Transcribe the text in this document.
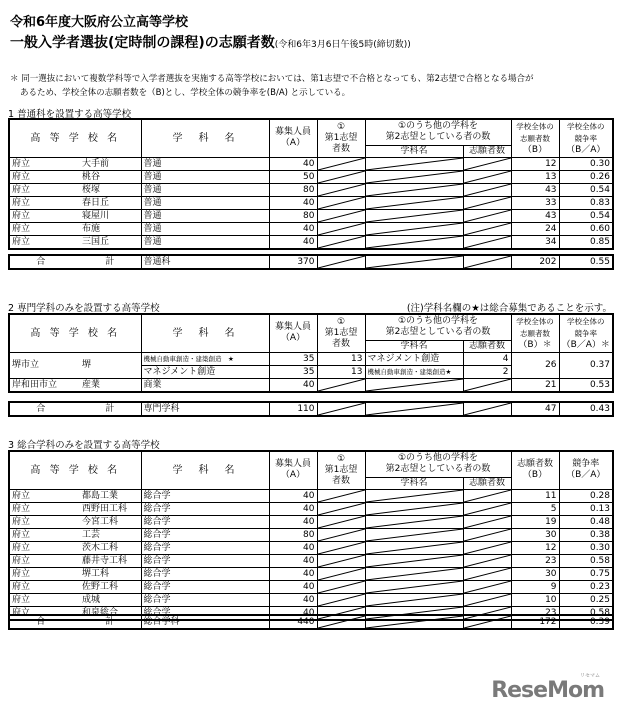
令和6年度大阪府公立高等学校
一般入学者選抜(定時制の課程)の志願者数(令和6年3月6日午後5時(締切数))
＊ 同一選抜において複数学科等で入学者選抜を実施する高等学校においては、第1志望で不合格となっても、第2志望で合格となる場合が
あるため、学校全体の志願者数を（B)とし、学校全体の競争率を(B/A) と示している。
1 普通科を設置する高等学校
高 等 学 校 名	学　科　名	募集人員
（A）	①
第1志望
者数	①のうち他の学科を
第2志望としている者の数		学校全体の
志願者数
（B）	学校全体の
競争率
（B／A）
				学科名	志願者数		
府立 大手前	普通	40				12	0.30
府立 桃谷	普通	50				13	0.26
府立 桜塚	普通	80				43	0.54
府立 春日丘	普通	40				33	0.83
府立 寝屋川	普通	80				43	0.54
府立 布施	普通	40				24	0.60
府立 三国丘	普通	40				34	0.85
合	計	普通科	370				202	0.55
2 専門学科のみを設置する高等学校	(注)学科名欄の★は総合募集であることを示す。
高 等 学 校 名	学　科　名	募集人員
（A）	①
第1志望
者数	①のうち他の学科を
第2志望としている者の数		学校全体の
志願者数
（B）＊	学校全体の
競争率
（B／A）＊
				学科名	志願者数		
堺市立 堺	機械自動車創造・建築創造　★	35	13	マネジメント創造	4	26	0.37
	マネジメント創造	35	13	機械自動車創造・建築創造★	2		
岸和田市立 産業	商業	40				21	0.53
合	計	専門学科	110				47	0.43
3 総合学科のみを設置する高等学校
高 等 学 校 名	学　科　名	募集人員
（A）	①
第1志望
者数	①のうち他の学科を
第2志望としている者の数		志願者数
（B）	競争率
（B／A）
				学科名	志願者数		
府立 都島工業	総合学	40				11	0.28
府立 西野田工科	総合学	40				5	0.13
府立 今宮工科	総合学	40				19	0.48
府立 工芸	総合学	80				30	0.38
府立 茨木工科	総合学	40				12	0.30
府立 藤井寺工科	総合学	40				23	0.58
府立 堺工科	総合学	40				30	0.75
府立 佐野工科	総合学	40				9	0.23
府立 成城	総合学	40				10	0.25
府立 和泉総合	総合学	40				23	0.58
合	計	総合学科	440				172	0.39
ReseMom
リセマム
